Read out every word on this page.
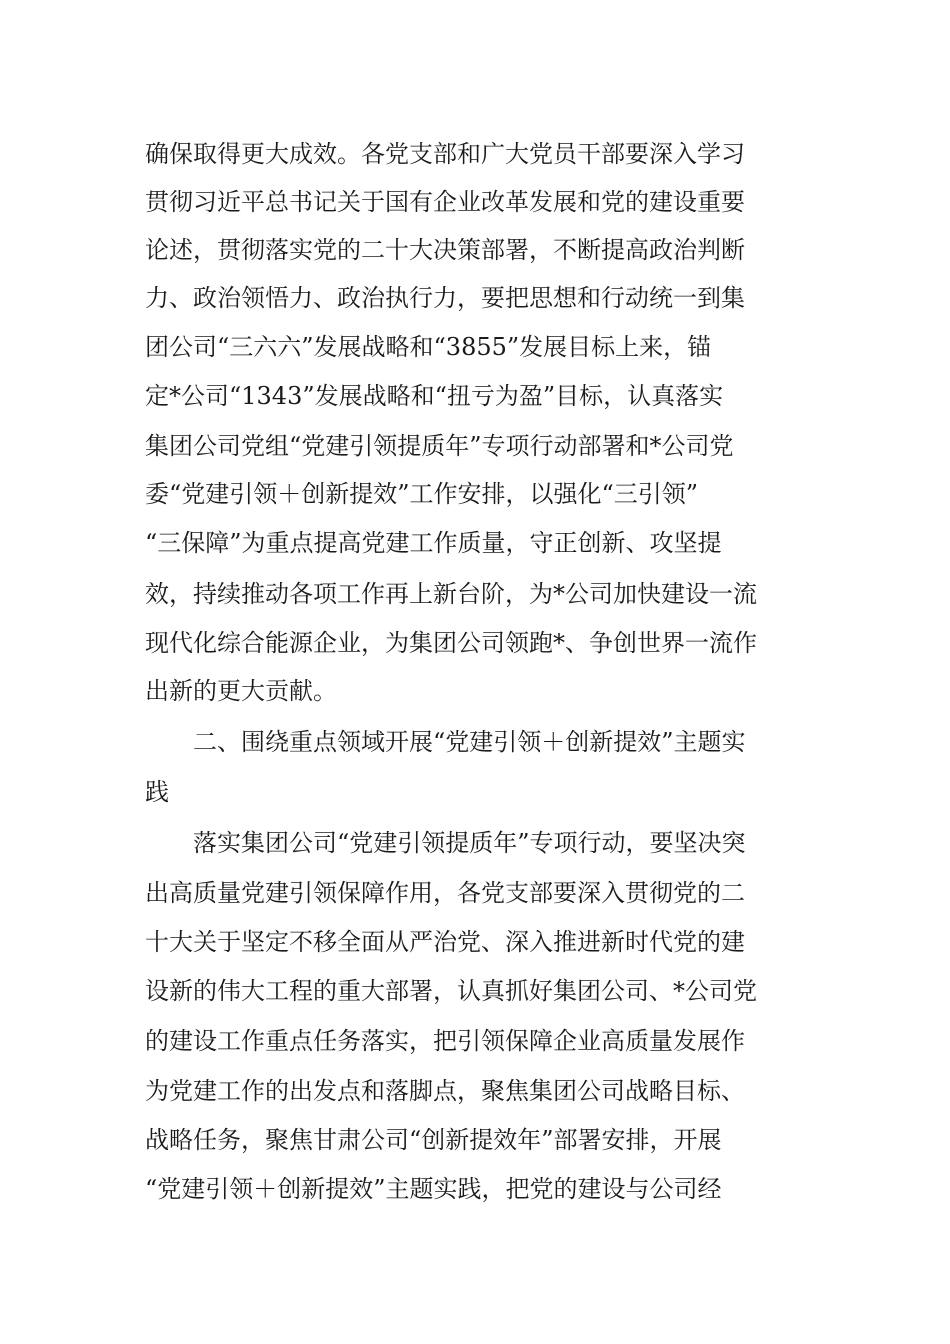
确保取得更大成效。各党支部和广大党员干部要深入学习
贯彻习近平总书记关于国有企业改革发展和党的建设重要
论述，贯彻落实党的二十大决策部署，不断提高政治判断
力、政治领悟力、政治执行力，要把思想和行动统一到集
团公司“三六六”发展战略和“3855”发展目标上来，锚
定*公司“1343”发展战略和“扭亏为盈”目标，认真落实
集团公司党组“党建引领提质年”专项行动部署和*公司党
委“党建引领＋创新提效”工作安排，以强化“三引领”
“三保障”为重点提高党建工作质量，守正创新、攻坚提
效，持续推动各项工作再上新台阶，为*公司加快建设一流
现代化综合能源企业，为集团公司领跑*、争创世界一流作
出新的更大贡献。
二、围绕重点领域开展“党建引领＋创新提效”主题实
践
落实集团公司“党建引领提质年”专项行动，要坚决突
出高质量党建引领保障作用，各党支部要深入贯彻党的二
十大关于坚定不移全面从严治党、深入推进新时代党的建
设新的伟大工程的重大部署，认真抓好集团公司、*公司党
的建设工作重点任务落实，把引领保障企业高质量发展作
为党建工作的出发点和落脚点，聚焦集团公司战略目标、
战略任务，聚焦甘肃公司“创新提效年”部署安排，开展
“党建引领＋创新提效”主题实践，把党的建设与公司经
